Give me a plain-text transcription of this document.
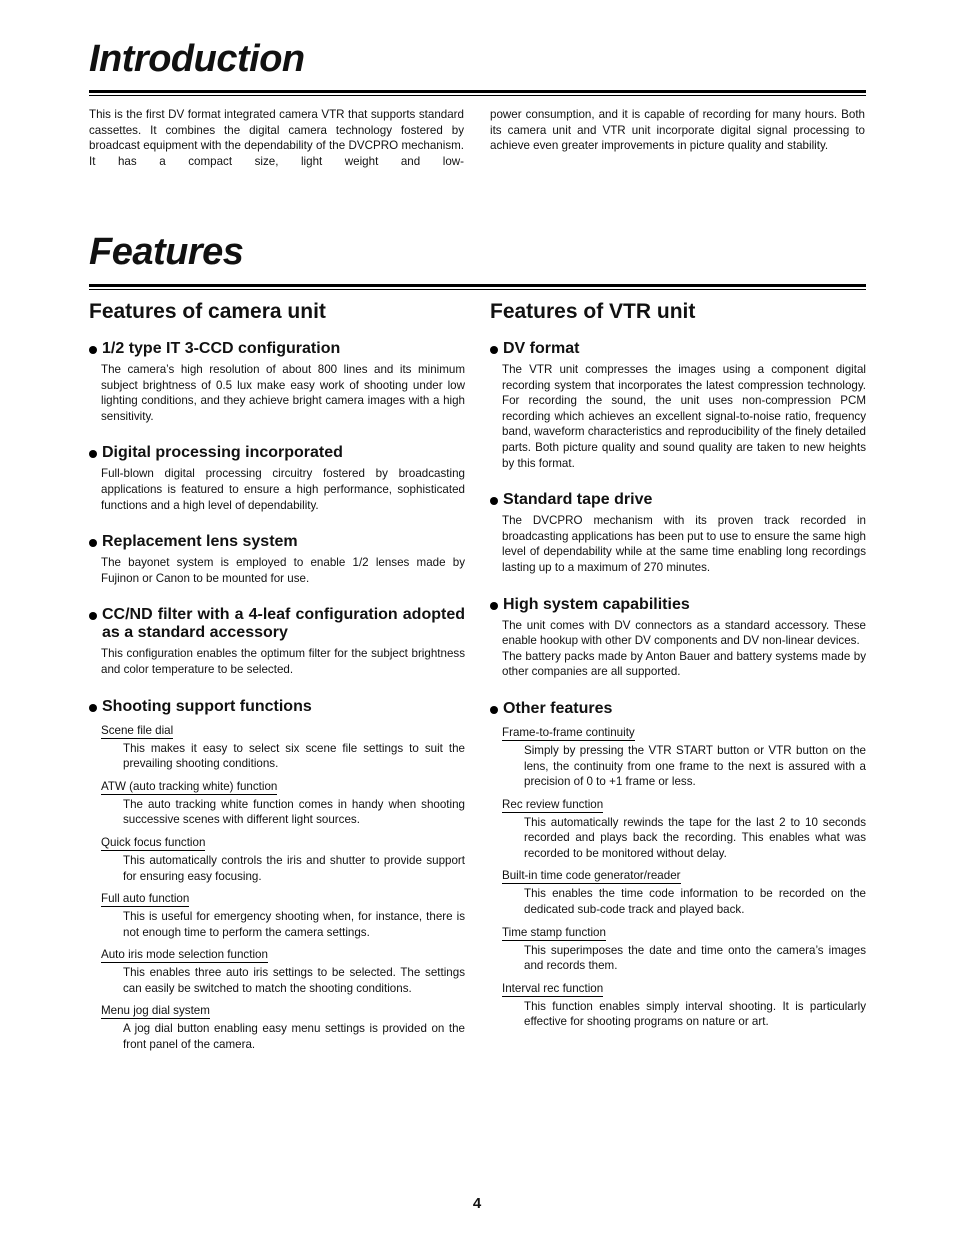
Introduction
This is the first DV format integrated camera VTR that supports standard cassettes. It combines the digital camera technology fostered by broadcast equipment with the dependability of the DVCPRO mechanism. It has a compact size, light weight and low-
power consumption, and it is capable of recording for many hours. Both its camera unit and VTR unit incorporate digital signal processing to achieve even greater improvements in picture quality and stability.
Features
Features of camera unit
1/2 type IT 3-CCD configuration
The camera’s high resolution of about 800 lines and its minimum subject brightness of 0.5 lux make easy work of shooting under low lighting conditions, and they achieve bright camera images with a high sensitivity.
Digital processing incorporated
Full-blown digital processing circuitry fostered by broadcasting applications is featured to ensure a high performance, sophisticated functions and a high level of dependability.
Replacement lens system
The bayonet system is employed to enable 1/2 lenses made by Fujinon or Canon to be mounted for use.
CC/ND filter with a 4-leaf configuration adopted as a standard accessory
This configuration enables the optimum filter for the subject brightness and color temperature to be selected.
Shooting support functions
Scene file dial
This makes it easy to select six scene file settings to suit the prevailing shooting conditions.
ATW (auto tracking white) function
The auto tracking white function comes in handy when shooting successive scenes with different light sources.
Quick focus function
This automatically controls the iris and shutter to provide support for ensuring easy focusing.
Full auto function
This is useful for emergency shooting when, for instance, there is not enough time to perform the camera settings.
Auto iris mode selection function
This enables three auto iris settings to be selected. The settings can easily be switched to match the shooting conditions.
Menu jog dial system
A jog dial button enabling easy menu settings is provided on the front panel of the camera.
Features of VTR unit
DV format
The VTR unit compresses the images using a component digital recording system that incorporates the latest compression technology. For recording the sound, the unit uses non-compression PCM recording which achieves an excellent signal-to-noise ratio, frequency band, waveform characteristics and reproducibility of the finely detailed parts. Both picture quality and sound quality are taken to new heights by this format.
Standard tape drive
The DVCPRO mechanism with its proven track recorded in broadcasting applications has been put to use to ensure the same high level of dependability while at the same time enabling long recordings lasting up to a maximum of 270 minutes.
High system capabilities
The unit comes with DV connectors as a standard accessory. These enable hookup with other DV components and DV non-linear devices.
The battery packs made by Anton Bauer and battery systems made by other companies are all supported.
Other features
Frame-to-frame continuity
Simply by pressing the VTR START button or VTR button on the lens, the continuity from one frame to the next is assured with a precision of 0 to +1 frame or less.
Rec review function
This automatically rewinds the tape for the last 2 to 10 seconds recorded and plays back the recording. This enables what was recorded to be monitored without delay.
Built-in time code generator/reader
This enables the time code information to be recorded on the dedicated sub-code track and played back.
Time stamp function
This superimposes the date and time onto the camera’s images and records them.
Interval rec function
This function enables simply interval shooting. It is particularly effective for shooting programs on nature or art.
4
